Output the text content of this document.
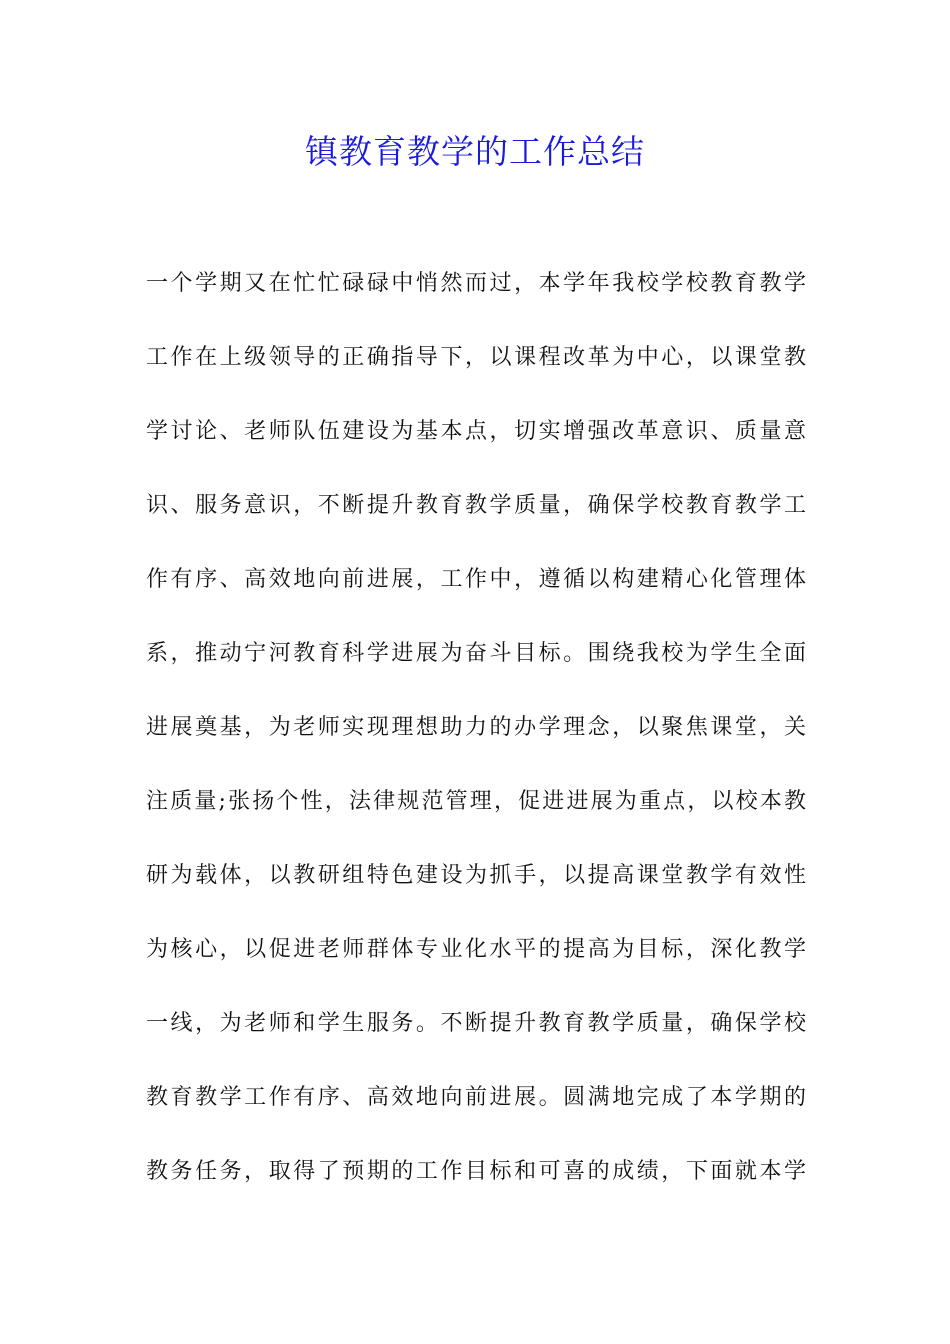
镇教育教学的工作总结
一个学期又在忙忙碌碌中悄然而过，本学年我校学校教育教学
工作在上级领导的正确指导下，以课程改革为中心，以课堂教
学讨论、老师队伍建设为基本点，切实增强改革意识、质量意
识、服务意识，不断提升教育教学质量，确保学校教育教学工
作有序、高效地向前进展，工作中，遵循以构建精心化管理体
系，推动宁河教育科学进展为奋斗目标。围绕我校为学生全面
进展奠基，为老师实现理想助力的办学理念，以聚焦课堂，关
注质量;张扬个性，法律规范管理，促进进展为重点，以校本教
研为载体，以教研组特色建设为抓手，以提高课堂教学有效性
为核心，以促进老师群体专业化水平的提高为目标，深化教学
一线，为老师和学生服务。不断提升教育教学质量，确保学校
教育教学工作有序、高效地向前进展。圆满地完成了本学期的
教务任务，取得了预期的工作目标和可喜的成绩，下面就本学
